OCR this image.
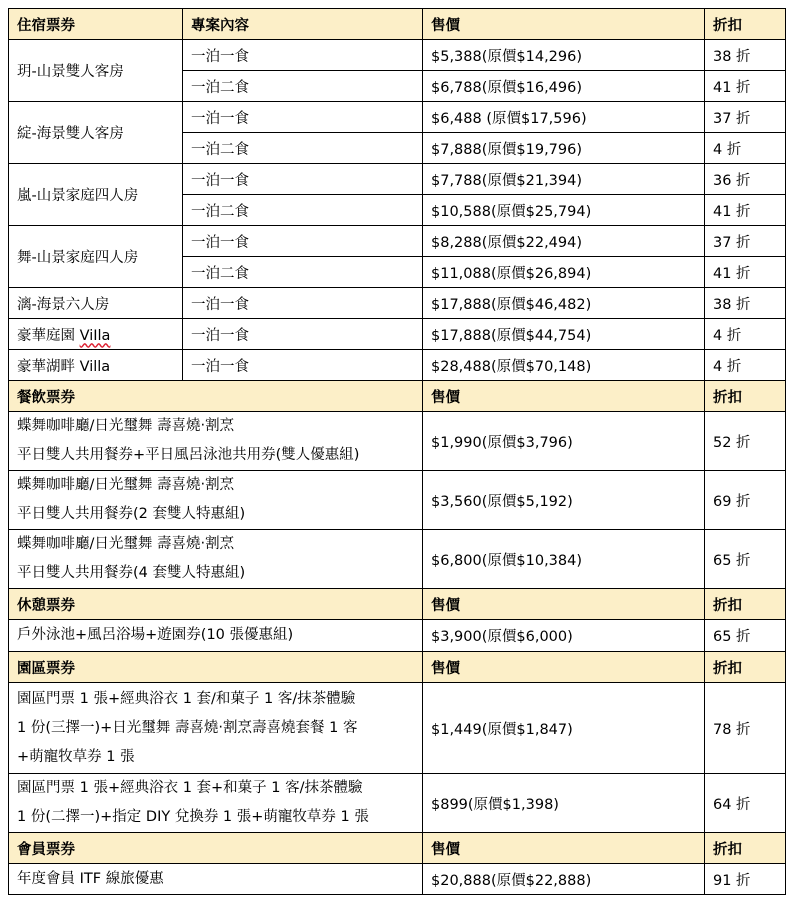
住宿票券	專案內容	售價	折扣
玥-山景雙人客房	一泊一食	$5,388(原價$14,296)	38 折
	一泊二食	$6,788(原價$16,496)	41 折
綻-海景雙人客房	一泊一食	$6,488 (原價$17,596)	37 折
	一泊二食	$7,888(原價$19,796)	4 折
嵐-山景家庭四人房	一泊一食	$7,788(原價$21,394)	36 折
	一泊二食	$10,588(原價$25,794)	41 折
舞-山景家庭四人房	一泊一食	$8,288(原價$22,494)	37 折
	一泊二食	$11,088(原價$26,894)	41 折
漓-海景六人房	一泊一食	$17,888(原價$46,482)	38 折
豪華庭園 ViIla	一泊一食	$17,888(原價$44,754)	4 折
豪華湖畔 Villa	一泊一食	$28,488(原價$70,148)	4 折
餐飲票券		售價	折扣

蝶舞咖啡廳/日光璽舞 壽喜燒‧割烹
平日雙人共用餐券+平日風呂泳池共用券(雙人優惠組)		$1,990(原價$3,796)	52 折

蝶舞咖啡廳/日光璽舞 壽喜燒‧割烹
平日雙人共用餐券(2 套雙人特惠組)		$3,560(原價$5,192)	69 折

蝶舞咖啡廳/日光璽舞 壽喜燒‧割烹
平日雙人共用餐券(4 套雙人特惠組)		$6,800(原價$10,384)	65 折
休憩票券		售價	折扣

戶外泳池+風呂浴場+遊園券(10 張優惠組)		$3,900(原價$6,000)	65 折
園區票券		售價	折扣

園區門票 1 張+經典浴衣 1 套/和菓子 1 客/抹茶體驗
1 份(三擇一)+日光璽舞 壽喜燒‧割烹壽喜燒套餐 1 客
+萌寵牧草券 1 張		$1,449(原價$1,847)	78 折

園區門票 1 張+經典浴衣 1 套+和菓子 1 客/抹茶體驗
1 份(二擇一)+指定 DIY 兌換券 1 張+萌寵牧草券 1 張		$899(原價$1,398)	64 折
會員票券		售價	折扣

年度會員 ITF 線旅優惠		$20,888(原價$22,888)	91 折
